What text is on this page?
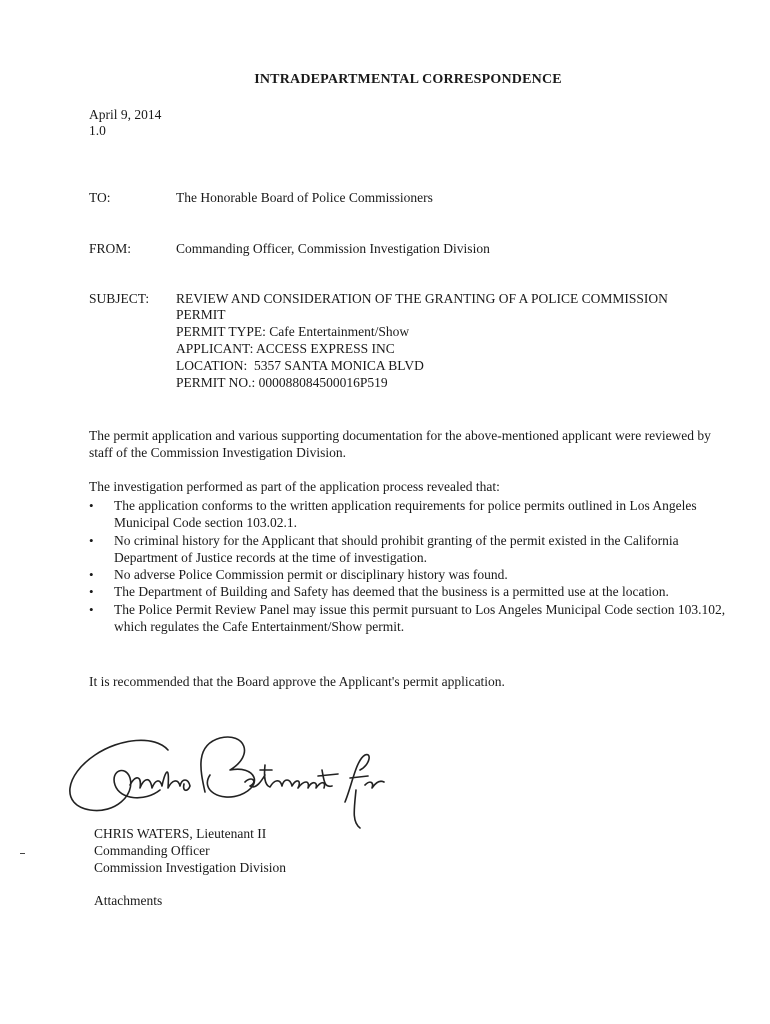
INTRADEPARTMENTAL CORRESPONDENCE
April 9, 2014
1.0
TO:	The Honorable Board of Police Commissioners
FROM:	Commanding Officer, Commission Investigation Division
SUBJECT: REVIEW AND CONSIDERATION OF THE GRANTING OF A POLICE COMMISSION
PERMIT
PERMIT TYPE: Cafe Entertainment/Show
APPLICANT: ACCESS EXPRESS INC
LOCATION:  5357 SANTA MONICA BLVD
PERMIT NO.: 000088084500016P519
The permit application and various supporting documentation for the above-mentioned applicant were reviewed by staff of the Commission Investigation Division.
The investigation performed as part of the application process revealed that:
• The application conforms to the written application requirements for police permits outlined in Los Angeles Municipal Code section 103.02.1.
• No criminal history for the Applicant that should prohibit granting of the permit existed in the California Department of Justice records at the time of investigation.
• No adverse Police Commission permit or disciplinary history was found.
• The Department of Building and Safety has deemed that the business is a permitted use at the location.
• The Police Permit Review Panel may issue this permit pursuant to Los Angeles Municipal Code section 103.102, which regulates the Cafe Entertainment/Show permit.
It is recommended that the Board approve the Applicant's permit application.
Sandra Betancourt for
CHRIS WATERS, Lieutenant II
Commanding Officer
Commission Investigation Division
Attachments
